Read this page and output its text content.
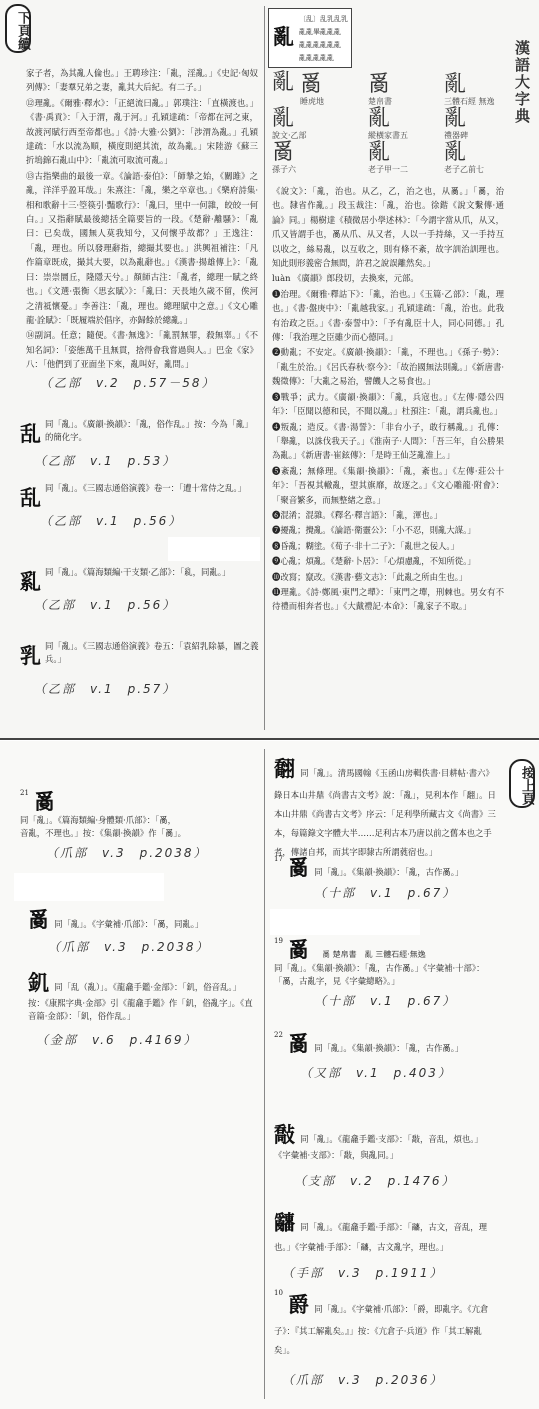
下頁續
漢語大字典

家子者，為其亂人倫也。」王聘珍注：「亂，淫亂。」《史記·匈奴列傳》：「妻羣兄弟之妻，亂其大后紀。有二子。」

⑫理亂。《爾雅·釋水》：「正絕流曰亂。」郭璞注：「直橫渡也。」《書·禹貢》：「入于渭，亂于河。」孔穎達疏：「帝都在河之東，故渡河賦行西至帝都也。」《詩·大雅·公劉》：「涉渭為亂。」孔穎達疏：「水以流為順，橫度則絕其流，故為亂。」宋陸游《蘇三折塢錦石亂山中》：「亂流可取流可亂。」

⑬古指樂曲的最後一章。《論語·泰伯》：「師摯之始，《關雎》之亂，洋洋乎盈耳哉。」朱熹注：「亂，樂之卒章也。」《樂府詩集·相和歌辭十三·箜篌引·豔歌行》：「亂曰，里中一何雜，皎皎一何白。」又指辭賦最後總括全篇要旨的一段。《楚辭·離騷》：「亂曰：已矣哉，國無人莫我知兮，又何懷乎故都？」王逸注：「亂，理也。所以發理辭指，總撮其要也。」洪興祖補注：「凡作篇章既成，撮其大要，以為亂辭也。」《漢書·揚雄傳上》：「亂曰：崇崇圜丘，隆隱天兮。」顏師古注：「亂者，總理一賦之終也。」《文選·張衡〈思玄賦〉》：「亂曰：天長地久歲不留，俟河之清祗懷憂。」李善注：「亂，理也。總理賦中之意。」《文心雕龍·詮賦》：「既履端於倡序，亦歸餘於總亂。」

⑭副詞。任意；隨便。《書·無逸》：「亂罰無罪，殺無辜。」《不知名詞》：「姿態萬千且無貫，捨得會我嘗過與人。」巴金《家》八：「他們到了亚面坐下來，亂叫好，亂問。」

（乙部　v.2　p.57－58）
乱 同「亂」。《廣韻·換韻》：「亂，俗作乱。」按：今為「亂」的簡化字。
（乙部　v.1　p.53）
乱 同「亂」。《三國志通俗演義》卷一：「遭十常侍之乱。」
（乙部　v.1　p.56）
乿 同「亂」。《篇海類編·干支類·乙部》：「乿，同亂。」
（乙部　v.1　p.56）
乳 同「亂」。《三國志通俗演義》卷五：「袁紹乳除暴，圖之義兵。」
（乙部　v.1　p.57）
亂
〔乱〕乱乳乱乳
亂亂畢亂亂亂
亂亂亂亂亂亂
亂亂亂亂亂
亂 𤔔
睡虎地
𤔔
楚帛書
亂
三體石經 無逸
亂
說文·乙部
亂
縱橫家書五
亂
禮器碑
𤔔
孫子六
亂
老子甲一二
亂
老子乙前七

《說文》：「亂，治也。从乙，乙，治之也，从𤔔。」「𤔔，治也。隸省作亂。」段玉裁注：「亂，治也。徐鍇《說文繫傳·通論》同。」楊樹達《積微居小學述林》：「今謂字當从爪，从又，爪又皆謂手也，𤔔从爪、从又者，人以一手持絲，又一手持互以收之，絲易亂，以互收之，則有條不紊，故字訓治訓理也。知此則形義密合無間，許君之說誤離然矣。」

luàn 《廣韻》郎段切，去換來，元部。

❶治理。《爾雅·釋詁下》：「亂，治也。」《玉篇·乙部》：「亂，理也。」《書·盤庚中》：「亂越我家。」孔穎達疏：「亂，治也。此我有治政之臣。」《書·泰誓中》：「予有亂臣十人，同心同德。」孔傳：「我治理之臣雖少而心德同。」

❷動亂；不安定。《廣韻·換韻》：「亂，不理也。」《孫子·勢》：「亂生於治。」《呂氏春秋·察今》：「故治國無法則亂。」《新唐書·魏徵傳》：「大亂之易治，譬饑人之易食也。」

❸戰爭；武力。《廣韻·換韻》：「亂，兵寇也。」《左傳·隱公四年》：「臣聞以德和民，不聞以亂。」杜預注：「亂，謂兵亂也。」

❹叛亂；造反。《書·湯誓》：「非台小子，敢行稱亂。」孔傳：「舉亂，以誅伐我天子。」《淮南子·人間》：「吾三年，自公勝果為亂。」《新唐書·崔鉉傳》：「是時王仙芝亂淮上。」

❺紊亂；無條理。《集韻·換韻》：「亂，紊也。」《左傳·莊公十年》：「吾視其轍亂，望其旗靡，故逐之。」《文心雕龍·附會》：「聚音繁多，而無整緒之意。」

❻混淆；混雜。《釋名·釋言語》：「亂，渾也。」

❼擾亂；攪亂。《論語·衛靈公》：「小不忍，則亂大謀。」

❽昏亂；糊塗。《荀子·非十二子》：「亂世之佞人。」

❾心亂；煩亂。《楚辭·卜居》：「心煩慮亂，不知所從。」

❿改寫；竄改。《漢書·藝文志》：「此亂之所由生也。」

⓫理亂。《詩·鄭風·東門之墠》：「東門之墠，刑棘也。男女有不待禮而相奔者也。」《大戴禮記·本命》：「亂家子不取。」

接上頁
$^{21}$ 𤔔
同「亂」。《篇海類編·身體類·爪部》：「𤔔，
音亂，不理也。」按：《集韻·換韻》作「𤔔」。
（爪部　v.3　p.2038）
𤔔 同「亂」。《字彙補·爪部》：「𤔔，同亂。」
（爪部　v.3　p.2038）
釠 同「乱（亂）」。《龍龕手鑑·金部》：「釠，俗音乱。」
按：《康熙字典·金部》引《龍龕手鑑》作「釠，俗亂字」。《直音篇·金部》：「釠，俗作乱。」
（金部　v.6　p.4169）
䎗 同「亂」。清馬國翰《玉函山房輯佚書·目耕帖·書六》錄日本山井鼎《尚書古文考》說：「亂」，見利本作「䎗」。日本山井鼎《尚書古文考》序云：「足利學所藏古文《尚書》三本，每篇錄文字體大半……足利古本乃唐以前之舊本也之手者，傳諸自邦，而其字即隸古所謂蕤宿也。」
$^{17}$ 𤔔 同「亂」。《集韻·換韻》：「亂，古作𤔔。」
（十部　v.1　p.67）
$^{19}$ 𤔔 𤔔 楚帛書　亂 三體石經·無逸
同「亂」。《集韻·換韻》：「亂，古作𤔔。」《字彙補·十部》：「𤔔，古亂字，見《字彙總略》。」
（十部　v.1　p.67）
$^{22}$ 𤔔 同「亂」。《集韻·換韻》：「亂，古作𤔔。」
（又部　v.1　p.403）
敽 同「亂」。《龍龕手鑑·支部》：「敽，音乱，煩也。」
《字彙補·支部》：「敽，與亂同。」
（支部　v.2　p.1476）
𤕌 同「亂」。《龍龕手鑑·手部》：「𤕌，古文，音乱，理也。」《字彙補·手部》：「𤕌，古文亂字，理也。」
（手部　v.3　p.1911）
$^{10}$ 爵 同「亂」。《字彙補·爪部》：「爵，即亂字。《亢倉子》：『其工解亂矣。』」按：《亢倉子·兵道》作「其工解亂矣」。
（爪部　v.3　p.2036）
